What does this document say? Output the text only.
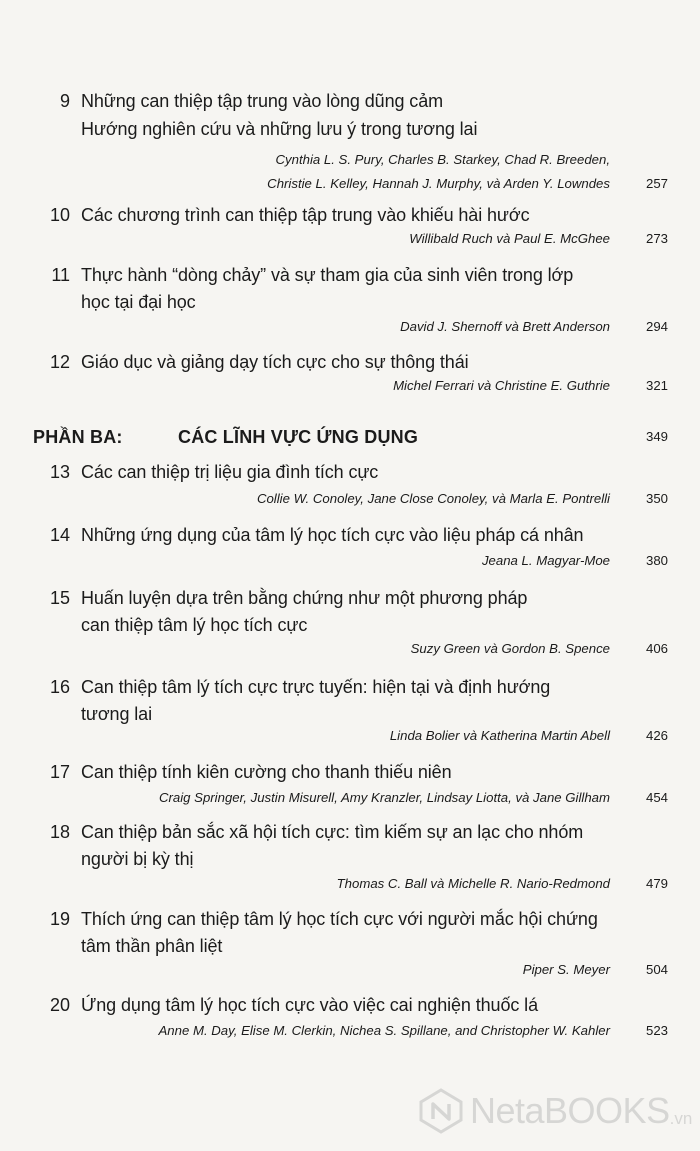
9 Những can thiệp tập trung vào lòng dũng cảm
Hướng nghiên cứu và những lưu ý trong tương lai
Cynthia L. S. Pury, Charles B. Starkey, Chad R. Breeden,
Christie L. Kelley, Hannah J. Murphy, và Arden Y. Lowndes	257
10 Các chương trình can thiệp tập trung vào khiếu hài hước
Willibald Ruch và Paul E. McGhee	273
11 Thực hành “dòng chảy” và sự tham gia của sinh viên trong lớp
học tại đại học
David J. Shernoff và Brett Anderson	294
12 Giáo dục và giảng dạy tích cực cho sự thông thái
Michel Ferrari và Christine E. Guthrie	321
PHẦN BA:	CÁC LĨNH VỰC ỨNG DỤNG	349
13 Các can thiệp trị liệu gia đình tích cực
Collie W. Conoley, Jane Close Conoley, và Marla E. Pontrelli	350
14 Những ứng dụng của tâm lý học tích cực vào liệu pháp cá nhân
Jeana L. Magyar-Moe	380
15 Huấn luyện dựa trên bằng chứng như một phương pháp
can thiệp tâm lý học tích cực
Suzy Green và Gordon B. Spence	406
16 Can thiệp tâm lý tích cực trực tuyến: hiện tại và định hướng
tương lai
Linda Bolier và Katherina Martin Abell	426
17 Can thiệp tính kiên cường cho thanh thiếu niên
Craig Springer, Justin Misurell, Amy Kranzler, Lindsay Liotta, và Jane Gillham	454
18 Can thiệp bản sắc xã hội tích cực: tìm kiếm sự an lạc cho nhóm
người bị kỳ thị
Thomas C. Ball và Michelle R. Nario-Redmond	479
19 Thích ứng can thiệp tâm lý học tích cực với người mắc hội chứng
tâm thần phân liệt
Piper S. Meyer	504
20 Ứng dụng tâm lý học tích cực vào việc cai nghiện thuốc lá
Anne M. Day, Elise M. Clerkin, Nichea S. Spillane, and Christopher W. Kahler	523
NetaBOOKS .vn
